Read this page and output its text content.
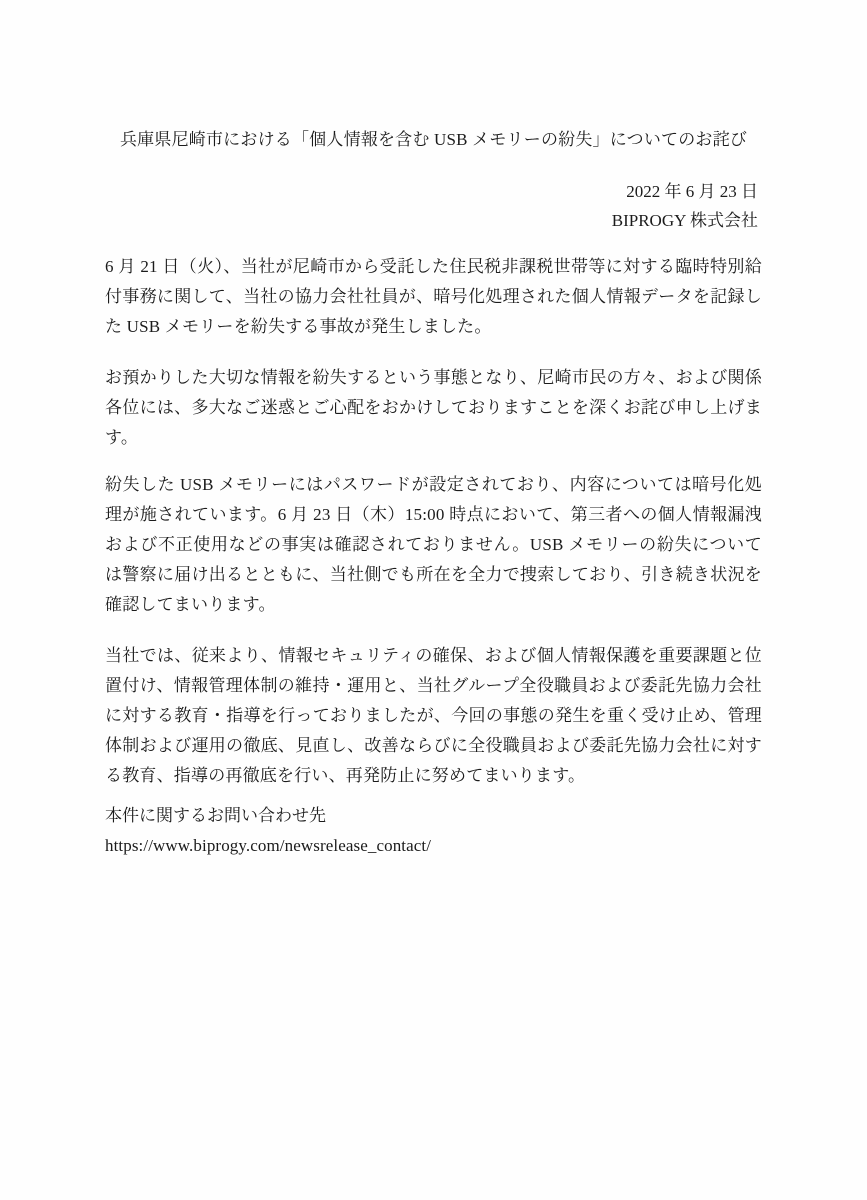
兵庫県尼崎市における「個人情報を含む USB メモリーの紛失」についてのお詫び
2022 年 6 月 23 日
BIPROGY 株式会社

6 月 21 日（火）、当社が尼崎市から受託した住民税非課税世帯等に対する臨時特別給付事務に関して、当社の協力会社社員が、暗号化処理された個人情報データを記録した USB メモリーを紛失する事故が発生しました。

お預かりした大切な情報を紛失するという事態となり、尼崎市民の方々、および関係各位には、多大なご迷惑とご心配をおかけしておりますことを深くお詫び申し上げます。

紛失した USB メモリーにはパスワードが設定されており、内容については暗号化処理が施されています。6 月 23 日（木）15:00 時点において、第三者への個人情報漏洩および不正使用などの事実は確認されておりません。USB メモリーの紛失については警察に届け出るとともに、当社側でも所在を全力で捜索しており、引き続き状況を確認してまいります。

当社では、従来より、情報セキュリティの確保、および個人情報保護を重要課題と位置付け、情報管理体制の維持・運用と、当社グループ全役職員および委託先協力会社に対する教育・指導を行っておりましたが、今回の事態の発生を重く受け止め、管理体制および運用の徹底、見直し、改善ならびに全役職員および委託先協力会社に対する教育、指導の再徹底を行い、再発防止に努めてまいります。

本件に関するお問い合わせ先
https://www.biprogy.com/newsrelease_contact/
